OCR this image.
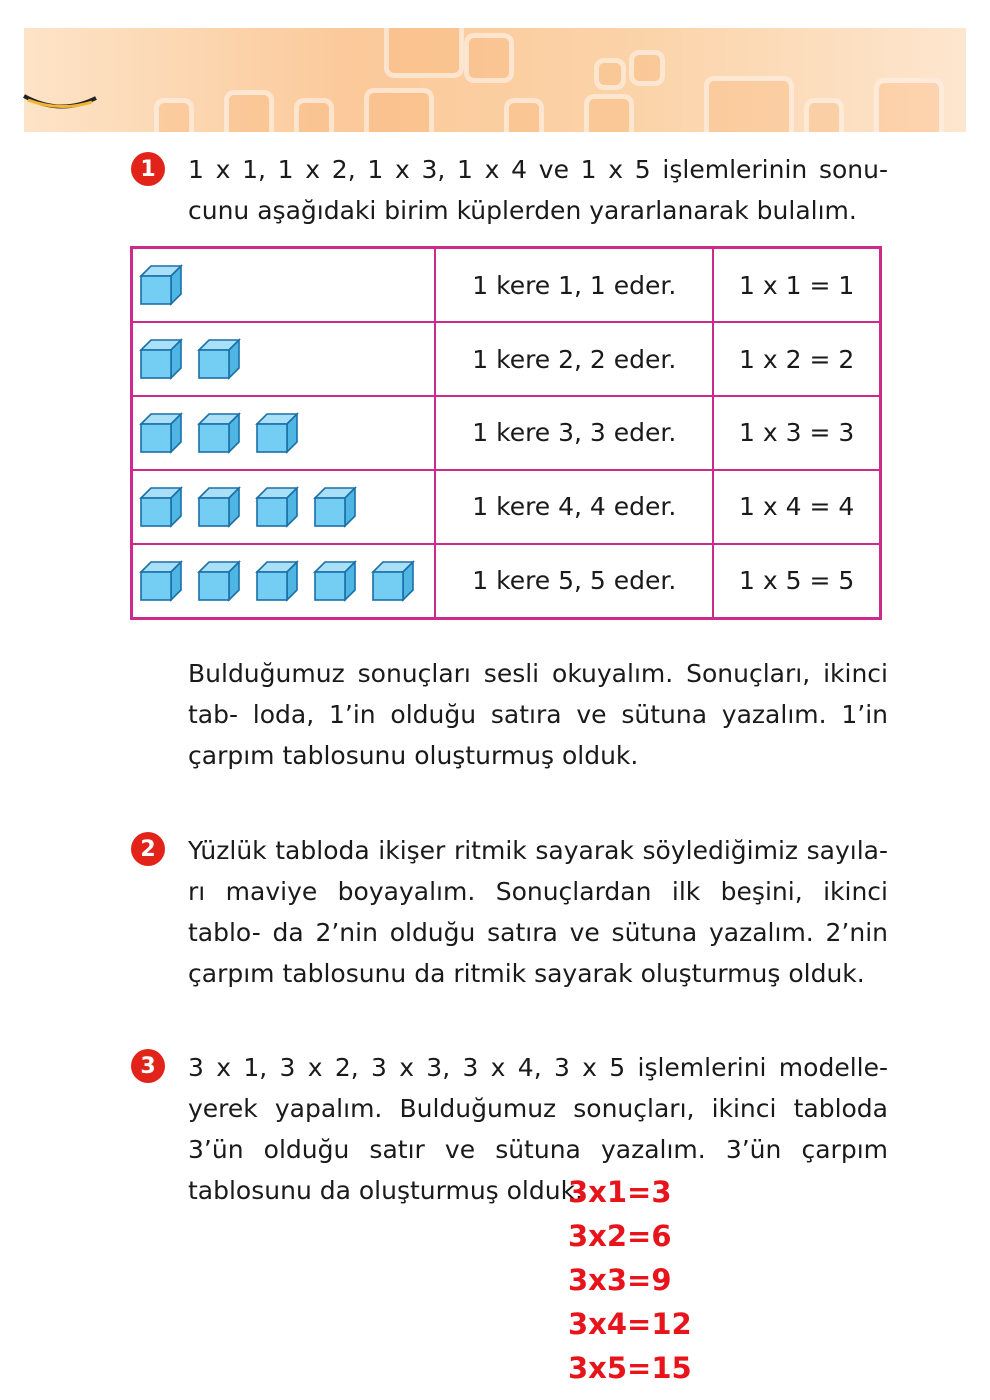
1	1 x 1, 1 x 2, 1 x 3, 1 x 4 ve 1 x 5 işlemlerinin sonu- cunu aşağıdaki birim küplerden yararlanarak bulalım.
	1 kere 1, 1 eder.	1 x 1 = 1

	1 kere 2, 2 eder.	1 x 2 = 2

	1 kere 3, 3 eder.	1 x 3 = 3

	1 kere 4, 4 eder.	1 x 4 = 4

	1 kere 5, 5 eder.	1 x 5 = 5
Bulduğumuz sonuçları sesli okuyalım. Sonuçları, ikinci tab- loda, 1’in olduğu satıra ve sütuna yazalım. 1’in çarpım tablosunu oluşturmuş olduk.
2	Yüzlük tabloda ikişer ritmik sayarak söylediğimiz sayıla- rı maviye boyayalım. Sonuçlardan ilk beşini, ikinci tablo- da 2’nin olduğu satıra ve sütuna yazalım. 2’nin çarpım tablosunu da ritmik sayarak oluşturmuş olduk.
3	3 x 1, 3 x 2, 3 x 3, 3 x 4, 3 x 5 işlemlerini modelle- yerek yapalım. Bulduğumuz sonuçları, ikinci tabloda 3’ün olduğu satır ve sütuna yazalım. 3’ün çarpım tablosunu da oluşturmuş olduk.
3x1=3
3x2=6
3x3=9
3x4=12
3x5=15
